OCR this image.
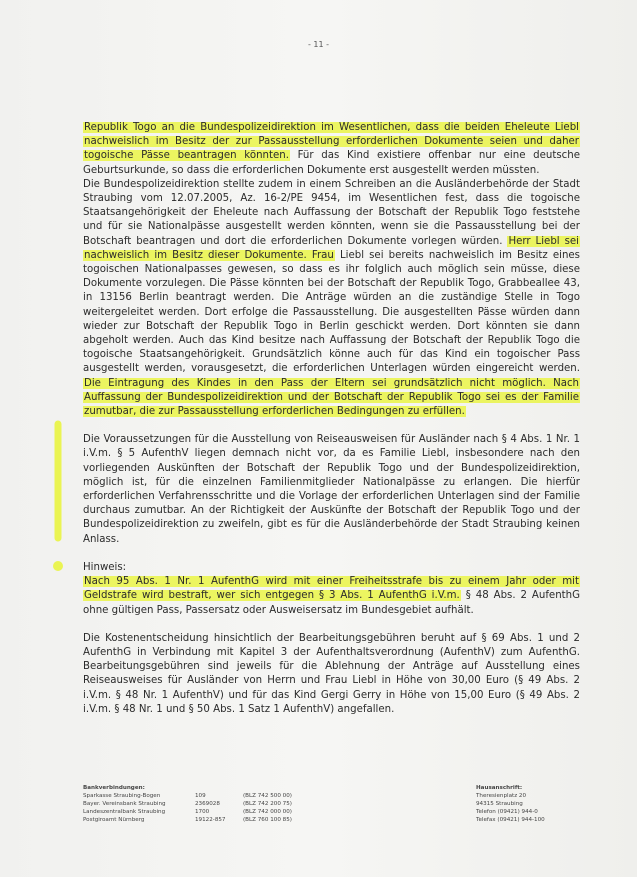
- 11 -

Republik Togo an die Bundespolizeidirektion im Wesentlichen, dass die beiden Eheleute Liebl nachweislich im Besitz der zur Passausstellung erforderlichen Dokumente seien und daher togoische Pässe beantragen könnten. Für das Kind existiere offenbar nur eine deutsche Geburtsurkunde, so dass die erforderlichen Dokumente erst ausgestellt werden müssten.

Die Bundespolizeidirektion stellte zudem in einem Schreiben an die Ausländerbehörde der Stadt Straubing vom 12.07.2005, Az. 16-2/PE 9454, im Wesentlichen fest, dass die togoische Staatsangehörigkeit der Eheleute nach Auffassung der Botschaft der Republik Togo feststehe und für sie Nationalpässe ausgestellt werden könnten, wenn sie die Passausstellung bei der Botschaft beantragen und dort die erforderlichen Dokumente vorlegen würden. Herr Liebl sei nachweislich im Besitz dieser Dokumente. Frau Liebl sei bereits nachweislich im Besitz eines togoischen Nationalpasses gewesen, so dass es ihr folglich auch möglich sein müsse, diese Dokumente vorzulegen. Die Pässe könnten bei der Botschaft der Republik Togo, Grabbeallee 43, in 13156 Berlin beantragt werden. Die Anträge würden an die zuständige Stelle in Togo weitergeleitet werden. Dort erfolge die Passausstellung. Die ausgestellten Pässe würden dann wieder zur Botschaft der Republik Togo in Berlin geschickt werden. Dort könnten sie dann abgeholt werden. Auch das Kind besitze nach Auffassung der Botschaft der Republik Togo die togoische Staatsangehörigkeit. Grundsätzlich könne auch für das Kind ein togoischer Pass ausgestellt werden, vorausgesetzt, die erforderlichen Unterlagen würden eingereicht werden. Die Eintragung des Kindes in den Pass der Eltern sei grundsätzlich nicht möglich. Nach Auffassung der Bundespolizeidirektion und der Botschaft der Republik Togo sei es der Familie zumutbar, die zur Passausstellung erforderlichen Bedingungen zu erfüllen.

Die Voraussetzungen für die Ausstellung von Reiseausweisen für Ausländer nach § 4 Abs. 1 Nr. 1 i.V.m. § 5 AufenthV liegen demnach nicht vor, da es Familie Liebl, insbesondere nach den vorliegenden Auskünften der Botschaft der Republik Togo und der Bundespolizeidirektion, möglich ist, für die einzelnen Familienmitglieder Nationalpässe zu erlangen. Die hierfür erforderlichen Verfahrensschritte und die Vorlage der erforderlichen Unterlagen sind der Familie durchaus zumutbar. An der Richtigkeit der Auskünfte der Botschaft der Republik Togo und der Bundespolizeidirektion zu zweifeln, gibt es für die Ausländerbehörde der Stadt Straubing keinen Anlass.

Hinweis:

Nach 95 Abs. 1 Nr. 1 AufenthG wird mit einer Freiheitsstrafe bis zu einem Jahr oder mit Geldstrafe wird bestraft, wer sich entgegen § 3 Abs. 1 AufenthG i.V.m. § 48 Abs. 2 AufenthG ohne gültigen Pass, Passersatz oder Ausweisersatz im Bundesgebiet aufhält.

Die Kostenentscheidung hinsichtlich der Bearbeitungsgebühren beruht auf § 69 Abs. 1 und 2 AufenthG in Verbindung mit Kapitel 3 der Aufenthaltsverordnung (AufenthV) zum AufenthG. Bearbeitungsgebühren sind jeweils für die Ablehnung der Anträge auf Ausstellung eines Reiseausweises für Ausländer von Herrn und Frau Liebl in Höhe von 30,00 Euro (§ 49 Abs. 2 i.V.m. § 48 Nr. 1 AufenthV) und für das Kind Gergi Gerry in Höhe von 15,00 Euro (§ 49 Abs. 2 i.V.m. § 48 Nr. 1 und § 50 Abs. 1 Satz 1 AufenthV) angefallen.

Bankverbindungen:
Sparkasse Straubing-Bogen	109	(BLZ 742 500 00)
Bayer. Vereinsbank Straubing	2369028	(BLZ 742 200 75)
Landeszentralbank Straubing	1700	(BLZ 742 000 00)
Postgiroamt Nürnberg	19122-857	(BLZ 760 100 85)
Hausanschrift:
Theresienplatz 20
94315 Straubing
Telefon (09421) 944-0
Telefax (09421) 944-100
